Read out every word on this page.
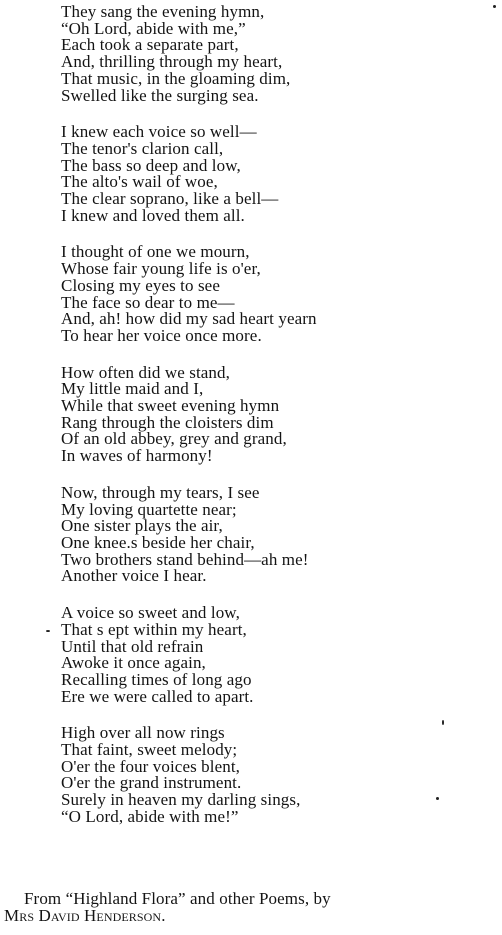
They sang the evening hymn,
“Oh Lord, abide with me,”
Each took a separate part,
And, thrilling through my heart,
That music, in the gloaming dim,
Swelled like the surging sea.
I knew each voice so well—
The tenor's clarion call,
The bass so deep and low,
The alto's wail of woe,
The clear soprano, like a bell—
I knew and loved them all.
I thought of one we mourn,
Whose fair young life is o'er,
Closing my eyes to see
The face so dear to me—
And, ah! how did my sad heart yearn
To hear her voice once more.
How often did we stand,
My little maid and I,
While that sweet evening hymn
Rang through the cloisters dim
Of an old abbey, grey and grand,
In waves of harmony!
Now, through my tears, I see
My loving quartette near;
One sister plays the air,
One knee.s beside her chair,
Two brothers stand behind—ah me!
Another voice I hear.
A voice so sweet and low,
That s ept within my heart,
Until that old refrain
Awoke it once again,
Recalling times of long ago
Ere we were called to apart.
High over all now rings
That faint, sweet melody;
O'er the four voices blent,
O'er the grand instrument.
Surely in heaven my darling sings,
“O Lord, abide with me!”
From “Highland Flora” and other Poems, by
Mrs David Henderson.
